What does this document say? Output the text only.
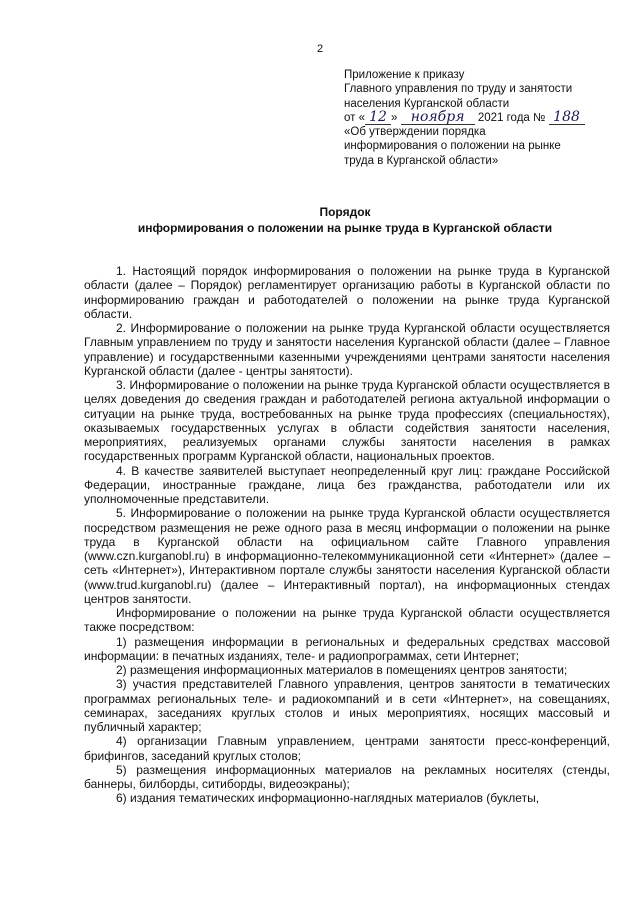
2
Приложение к приказу
Главного управления по труду и занятости
населения Курганской области
от « 12 » ноября 2021 года № 188
«Об утверждении порядка
информирования о положении на рынке
труда в Курганской области»
Порядок
информирования о положении на рынке труда в Курганской области

1. Настоящий порядок информирования о положении на рынке труда в Курганской области (далее – Порядок) регламентирует организацию работы в Курганской области по информированию граждан и работодателей о положении на рынке труда Курганской области.

2. Информирование о положении на рынке труда Курганской области осуществляется Главным управлением по труду и занятости населения Курганской области (далее – Главное управление) и государственными казенными учреждениями центрами занятости населения Курганской области (далее - центры занятости).

3. Информирование о положении на рынке труда Курганской области осуществляется в целях доведения до сведения граждан и работодателей региона актуальной информации о ситуации на рынке труда, востребованных на рынке труда профессиях (специальностях), оказываемых государственных услугах в области содействия занятости населения, мероприятиях, реализуемых органами службы занятости населения в рамках государственных программ Курганской области, национальных проектов.

4. В качестве заявителей выступает неопределенный круг лиц: граждане Российской Федерации, иностранные граждане, лица без гражданства, работодатели или их уполномоченные представители.

5. Информирование о положении на рынке труда Курганской области осуществляется посредством размещения не реже одного раза в месяц информации о положении на рынке труда в Курганской области на официальном сайте Главного управления (www.czn.kurganobl.ru) в информационно-телекоммуникационной сети «Интернет» (далее – сеть «Интернет»), Интерактивном портале службы занятости населения Курганской области (www.trud.kurganobl.ru) (далее – Интерактивный портал), на информационных стендах центров занятости.

Информирование о положении на рынке труда Курганской области осуществляется также посредством:

1) размещения информации в региональных и федеральных средствах массовой информации: в печатных изданиях, теле- и радиопрограммах, сети Интернет;

2) размещения информационных материалов в помещениях центров занятости;

3) участия представителей Главного управления, центров занятости в тематических программах региональных теле- и радиокомпаний и в сети «Интернет», на совещаниях, семинарах, заседаниях круглых столов и иных мероприятиях, носящих массовый и публичный характер;

4) организации Главным управлением, центрами занятости пресс-конференций, брифингов, заседаний круглых столов;

5) размещения информационных материалов на рекламных носителях (стенды, баннеры, билборды, ситиборды, видеоэкраны);

6) издания тематических информационно-наглядных материалов (буклеты,
